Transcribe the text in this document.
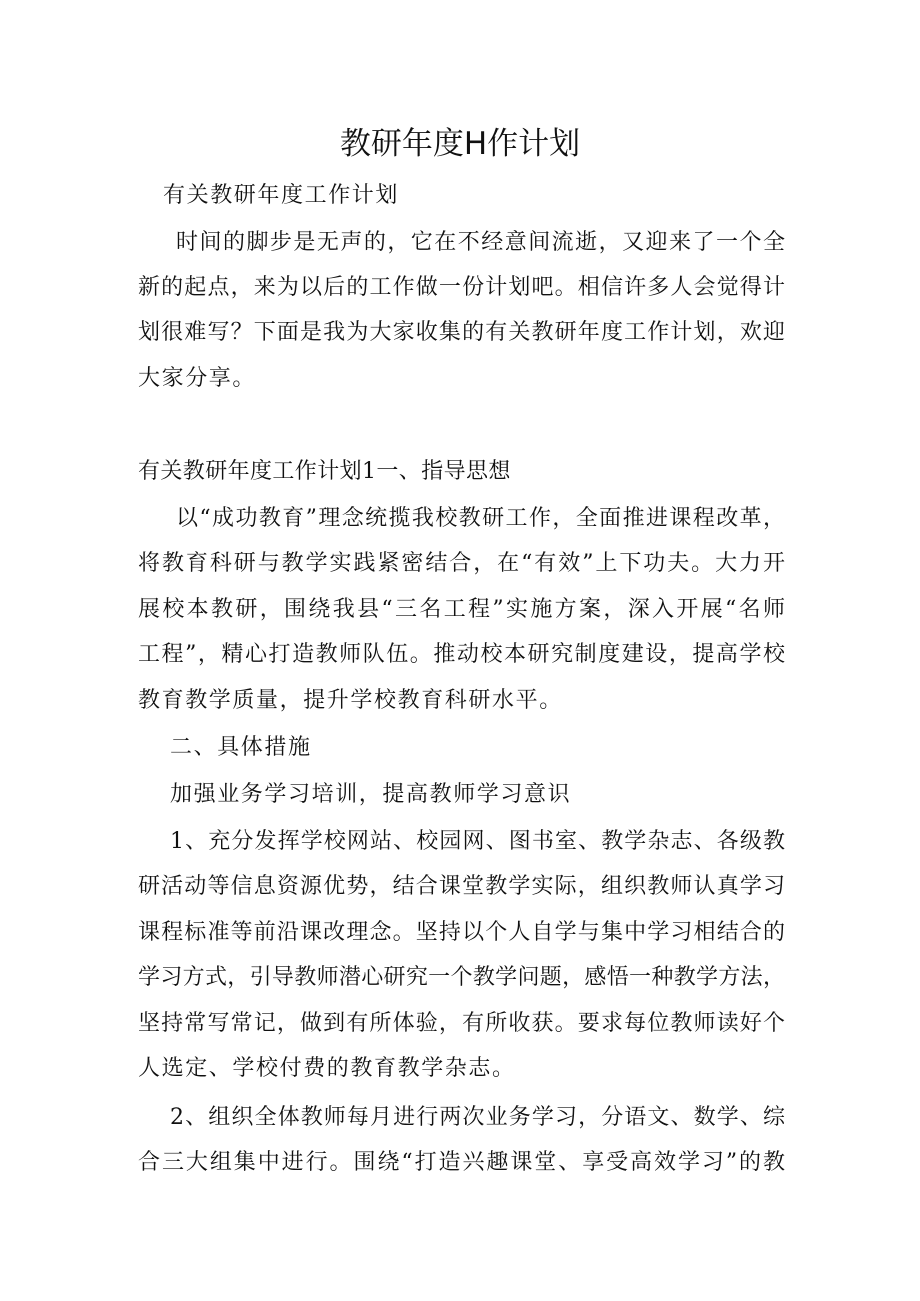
教研年度H作计划
有关教研年度工作计划
时间的脚步是无声的，它在不经意间流逝，又迎来了一个全
新的起点，来为以后的工作做一份计划吧。相信许多人会觉得计
划很难写？下面是我为大家收集的有关教研年度工作计划，欢迎
大家分享。
有关教研年度工作计划1一、指导思想
以“成功教育”理念统揽我校教研工作，全面推进课程改革，
将教育科研与教学实践紧密结合，在“有效”上下功夫。大力开
展校本教研，围绕我县“三名工程”实施方案，深入开展“名师
工程”，精心打造教师队伍。推动校本研究制度建设，提高学校
教育教学质量，提升学校教育科研水平。
二、具体措施
加强业务学习培训，提高教师学习意识
1、充分发挥学校网站、校园网、图书室、教学杂志、各级教
研活动等信息资源优势，结合课堂教学实际，组织教师认真学习
课程标准等前沿课改理念。坚持以个人自学与集中学习相结合的
学习方式，引导教师潜心研究一个教学问题，感悟一种教学方法，
坚持常写常记，做到有所体验，有所收获。要求每位教师读好个
人选定、学校付费的教育教学杂志。
2、组织全体教师每月进行两次业务学习，分语文、数学、综
合三大组集中进行。围绕“打造兴趣课堂、享受高效学习”的教
